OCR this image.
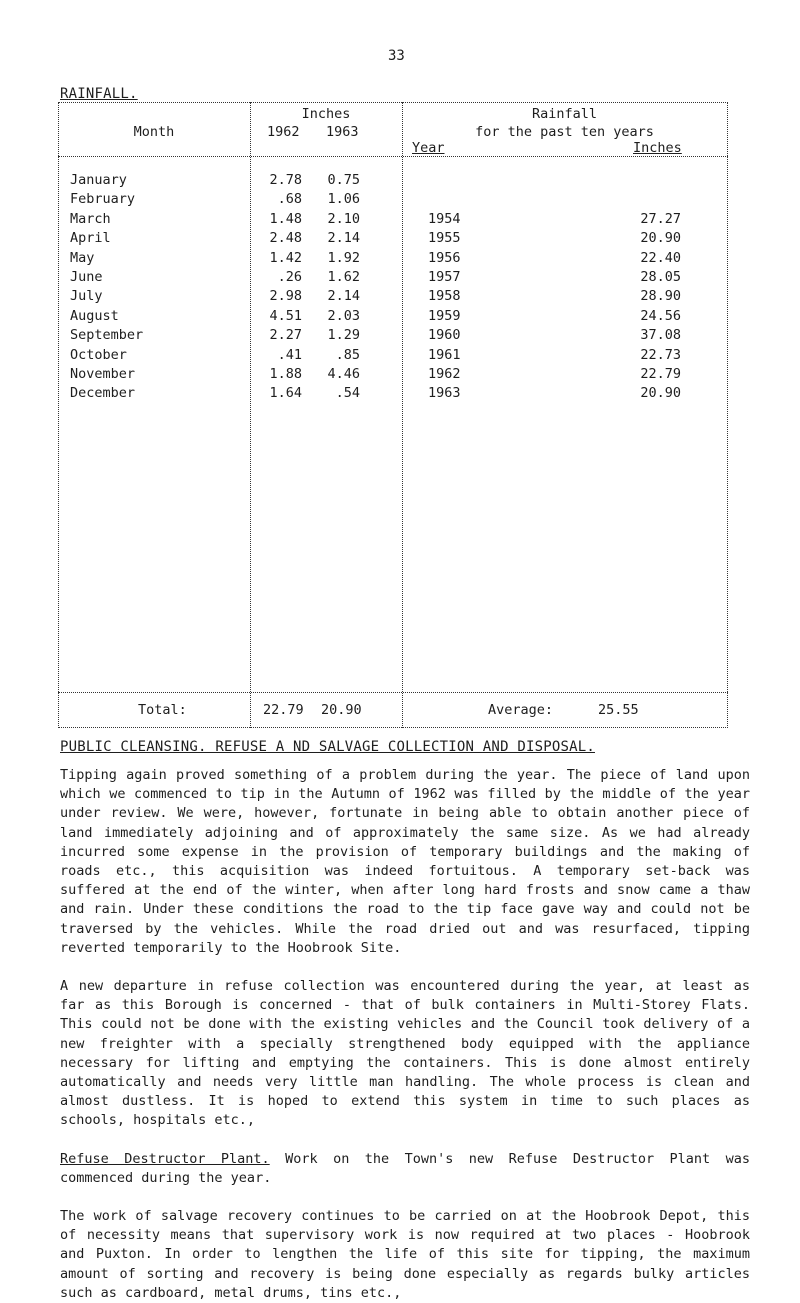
33
RAINFALL.
Month
Inches
1962 1963
Rainfall
for the past ten years
Year	Inches
January	2.78	0.75
February	.68	1.06
March	1.48	2.10	1954	27.27
April	2.48	2.14	1955	20.90
May	1.42	1.92	1956	22.40
June	.26	1.62	1957	28.05
July	2.98	2.14	1958	28.90
August	4.51	2.03	1959	24.56
September	2.27	1.29	1960	37.08
October	.41	.85	1961	22.73
November	1.88	4.46	1962	22.79
December	1.64	.54	1963	20.90
Total:	22.79 20.90	Average:	25.55
PUBLIC CLEANSING. REFUSE A ND SALVAGE COLLECTION AND DISPOSAL.

Tipping again proved something of a problem during the year. The piece of land upon which we commenced to tip in the Autumn of 1962 was filled by the middle of the year under review. We were, however, fortunate in being able to obtain another piece of land immediately adjoining and of approximately the same size. As we had already incurred some expense in the provision of temporary buildings and the making of roads etc., this acquisition was indeed fortuitous. A temporary set-back was suffered at the end of the winter, when after long hard frosts and snow came a thaw and rain. Under these conditions the road to the tip face gave way and could not be traversed by the vehicles. While the road dried out and was resurfaced, tipping reverted temporarily to the Hoobrook Site.

A new departure in refuse collection was encountered during the year, at least as far as this Borough is concerned - that of bulk containers in Multi-Storey Flats. This could not be done with the existing vehicles and the Council took delivery of a new freighter with a specially strengthened body equipped with the appliance necessary for lifting and emptying the containers. This is done almost entirely automatically and needs very little man handling. The whole process is clean and almost dustless. It is hoped to extend this system in time to such places as schools, hospitals etc.,

Refuse Destructor Plant. Work on the Town's new Refuse Destructor Plant was commenced during the year.

The work of salvage recovery continues to be carried on at the Hoobrook Depot, this of necessity means that supervisory work is now required at two places - Hoobrook and Puxton. In order to lengthen the life of this site for tipping, the maximum amount of sorting and recovery is being done especially as regards bulky articles such as cardboard, metal drums, tins etc.,
